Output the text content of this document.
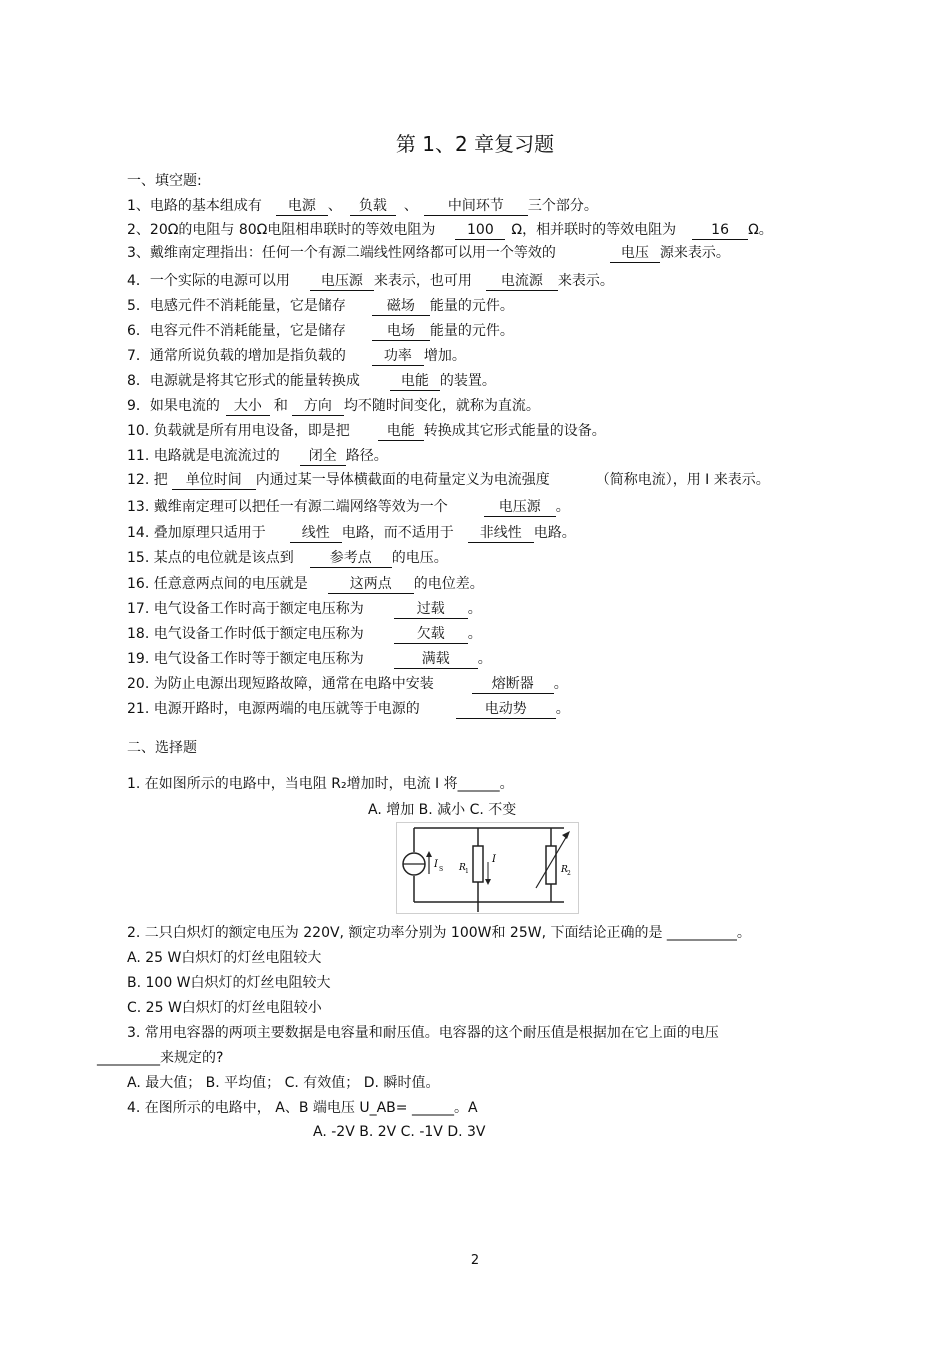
第 1、2 章复习题
一、填空题:
1、电路的基本组成有 电源 、 负载 、 中间环节 三个部分。
2、20Ω的电阻与 80Ω电阻相串联时的等效电阻为 100 Ω，相并联时的等效电阻为	16 Ω。
3、戴维南定理指出：任何一个有源二端线性网络都可以用一个等效的	电压 源来表示。
4．一个实际的电源可以用 电压源 来表示，也可用 电流源 来表示。
5．电感元件不消耗能量，它是储存	磁场 能量的元件。
6．电容元件不消耗能量，它是储存	电场 能量的元件。
7．通常所说负载的增加是指负载的	功率 增加。
8．电源就是将其它形式的能量转换成	电能 的装置。
9．如果电流的 大小 和 方向 均不随时间变化，就称为直流。
10. 负载就是所有用电设备，即是把	电能 转换成其它形式能量的设备。
11. 电路就是电流流过的 闭全 路径。
12. 把 单位时间 内通过某一导体横截面的电荷量定义为电流强度	（简称电流），用 I 来表示。
13. 戴维南定理可以把任一有源二端网络等效为一个	电压源 。
14. 叠加原理只适用于	线性 电路，而不适用于 非线性 电路。
15. 某点的电位就是该点到	参考点 的电压。
16. 任意意两点间的电压就是	这两点 的电位差。
17. 电气设备工作时高于额定电压称为	过载 。
18. 电气设备工作时低于额定电压称为	欠载 。
19. 电气设备工作时等于额定电压称为	满载 。
20. 为防止电源出现短路故障，通常在电路中安装	熔断器 。
21. 电源开路时，电源两端的电压就等于电源的	电动势 。
二、选择题
1. 在如图所示的电路中，当电阻 R₂增加时，电流 I 将______。
A. 增加 B. 减小 C. 不变
I S R 1
I
R 2
2. 二只白炽灯的额定电压为 220V, 额定功率分别为 100W和 25W, 下面结论正确的是 __________。
A. 25 W白炽灯的灯丝电阻较大
B. 100 W白炽灯的灯丝电阻较大
C. 25 W白炽灯的灯丝电阻较小
3. 常用电容器的两项主要数据是电容量和耐压值。电容器的这个耐压值是根据加在它上面的电压
_________来规定的?
A. 最大值； B. 平均值； C. 有效值； D. 瞬时值。
4. 在图所示的电路中， A、B 端电压 U_AB= ______。A
A. -2V B. 2V C. -1V D. 3V
2
